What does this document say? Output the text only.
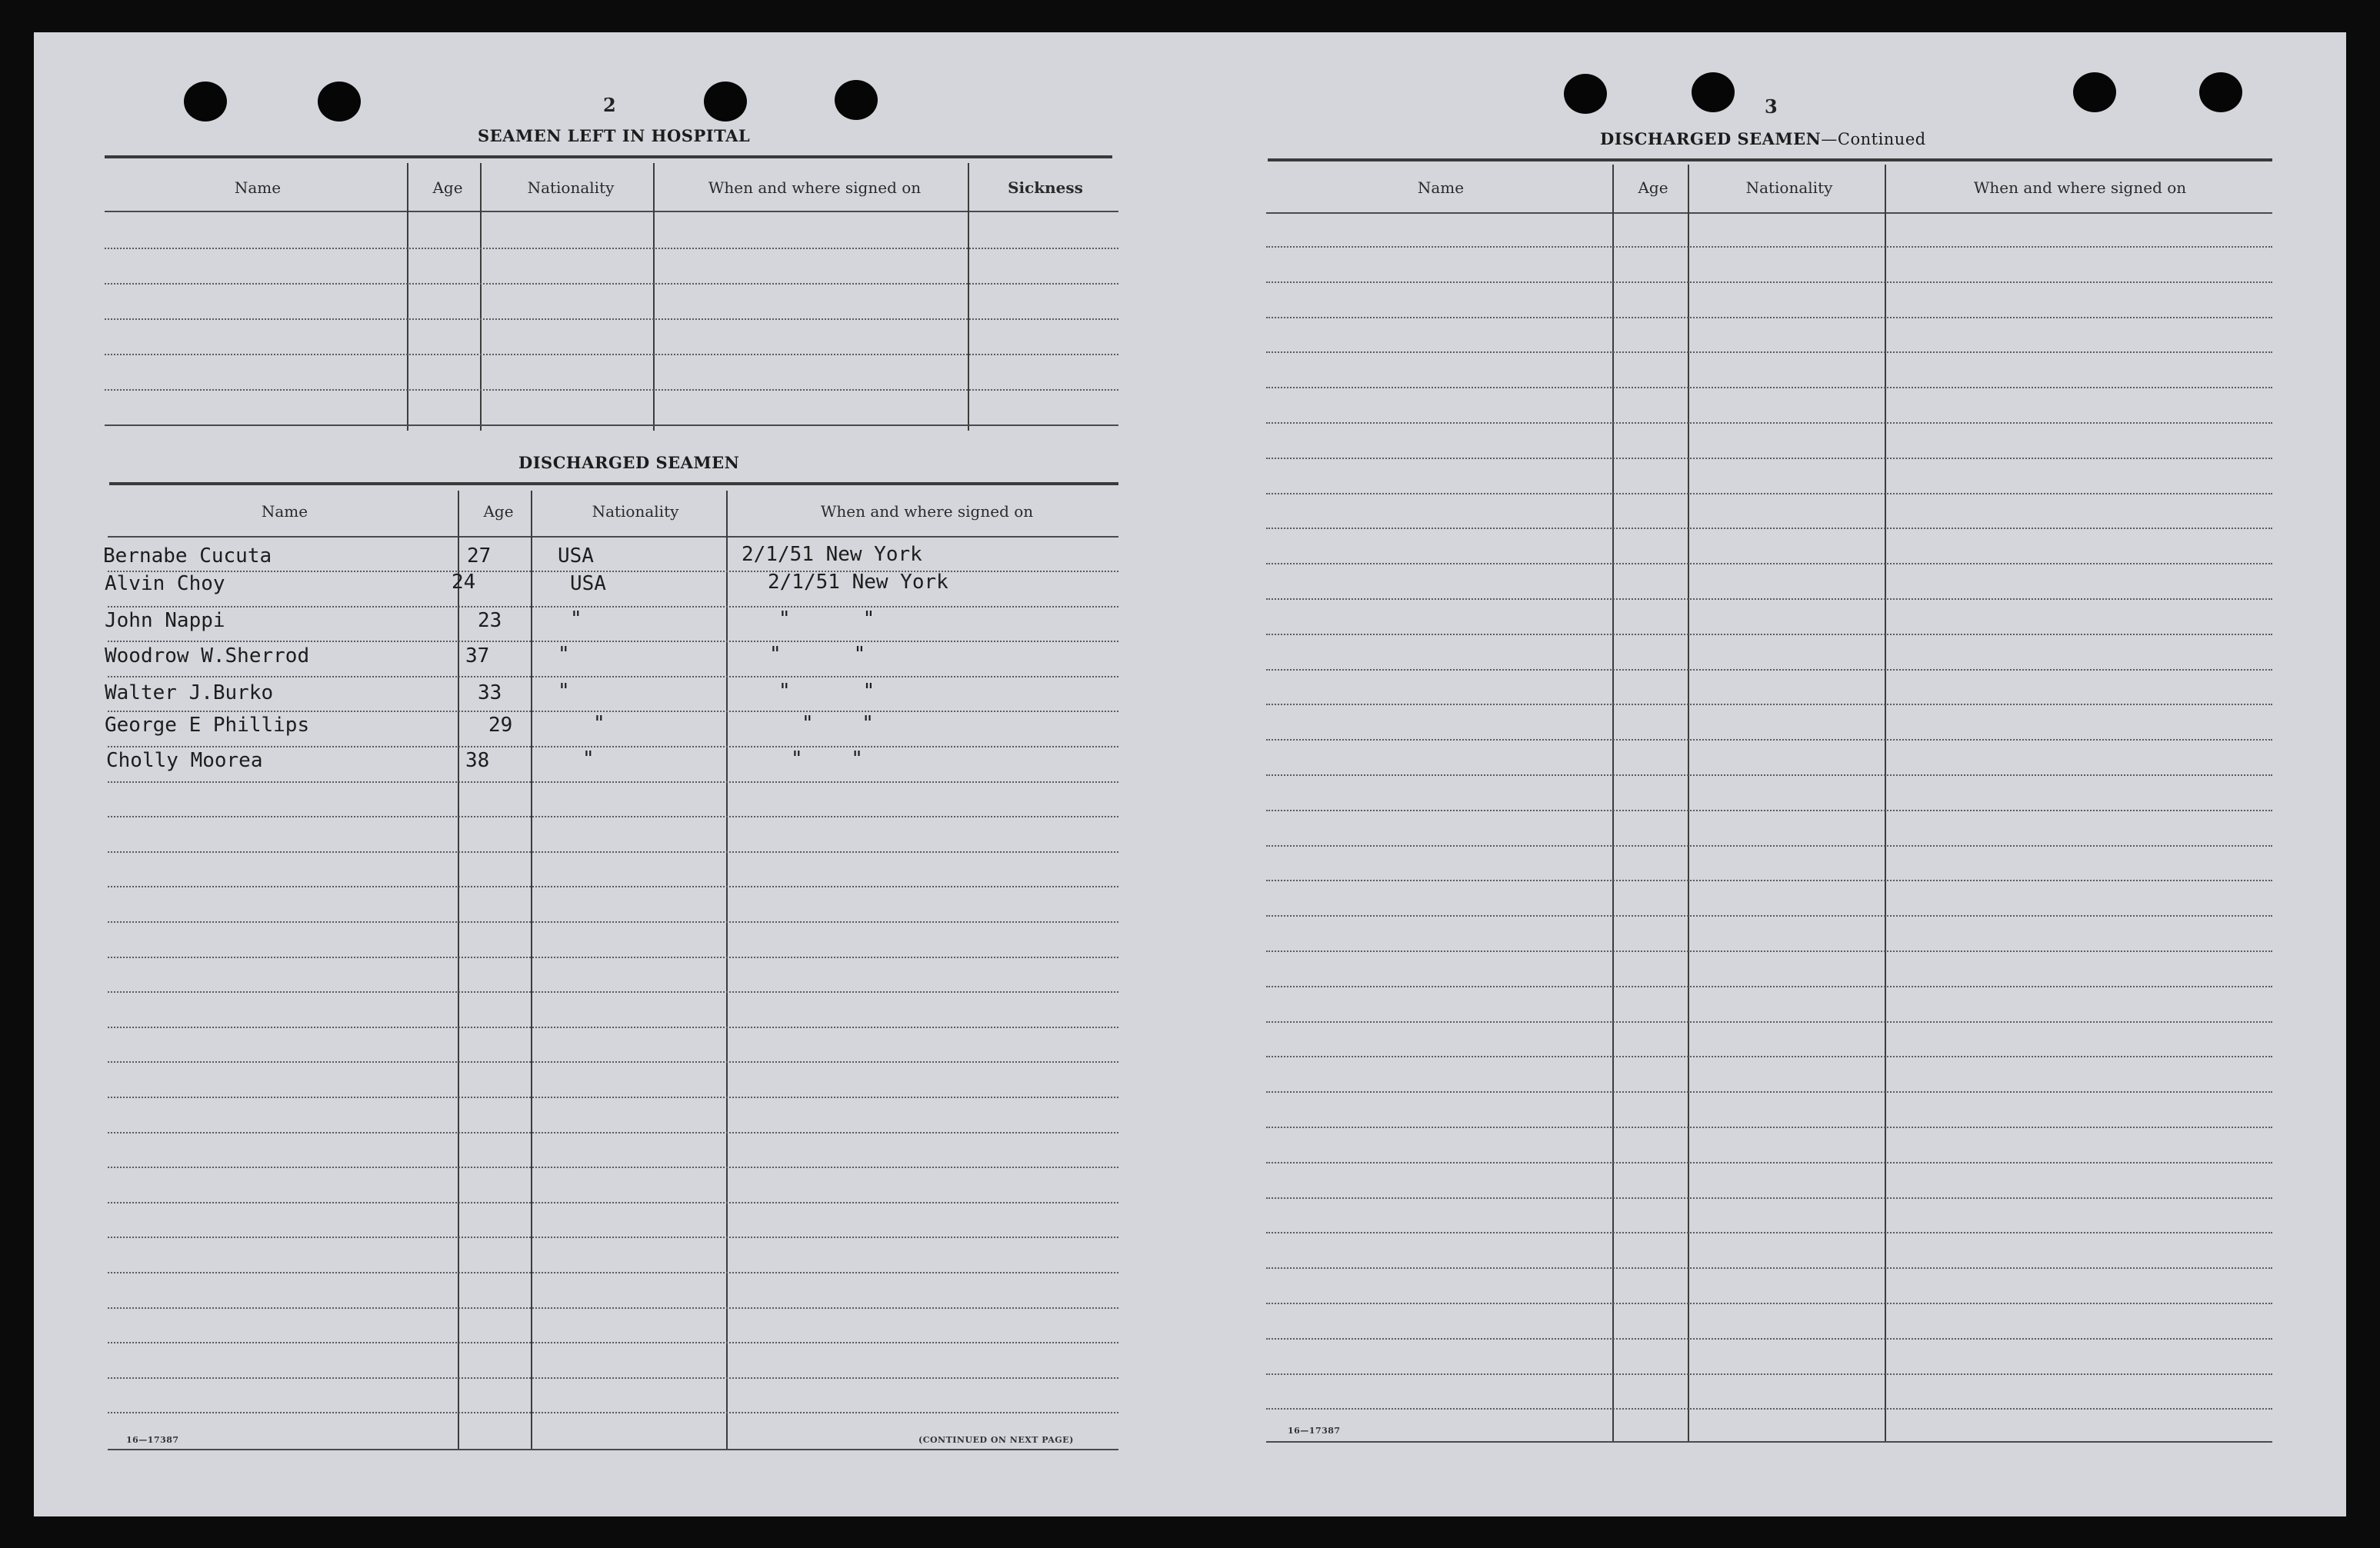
2
SEAMEN LEFT IN HOSPITAL
Name	Age	Nationality	When and where signed on	Sickness
DISCHARGED SEAMEN
Name	Age	Nationality	When and where signed on
Bernabe Cucuta	27	USA	2/1/51 New York
Alvin Choy	24	USA	2/1/51 New York
John Nappi	23	"	"      "
Woodrow W.Sherrod	37	"	"      "
Walter J.Burko	33	"	"      "
George E Phillips	29	"	"    "
Cholly Moorea	38	"	"    "
16—17387	(CONTINUED ON NEXT PAGE)
3
DISCHARGED SEAMEN—Continued
Name	Age	Nationality	When and where signed on
16—17387
